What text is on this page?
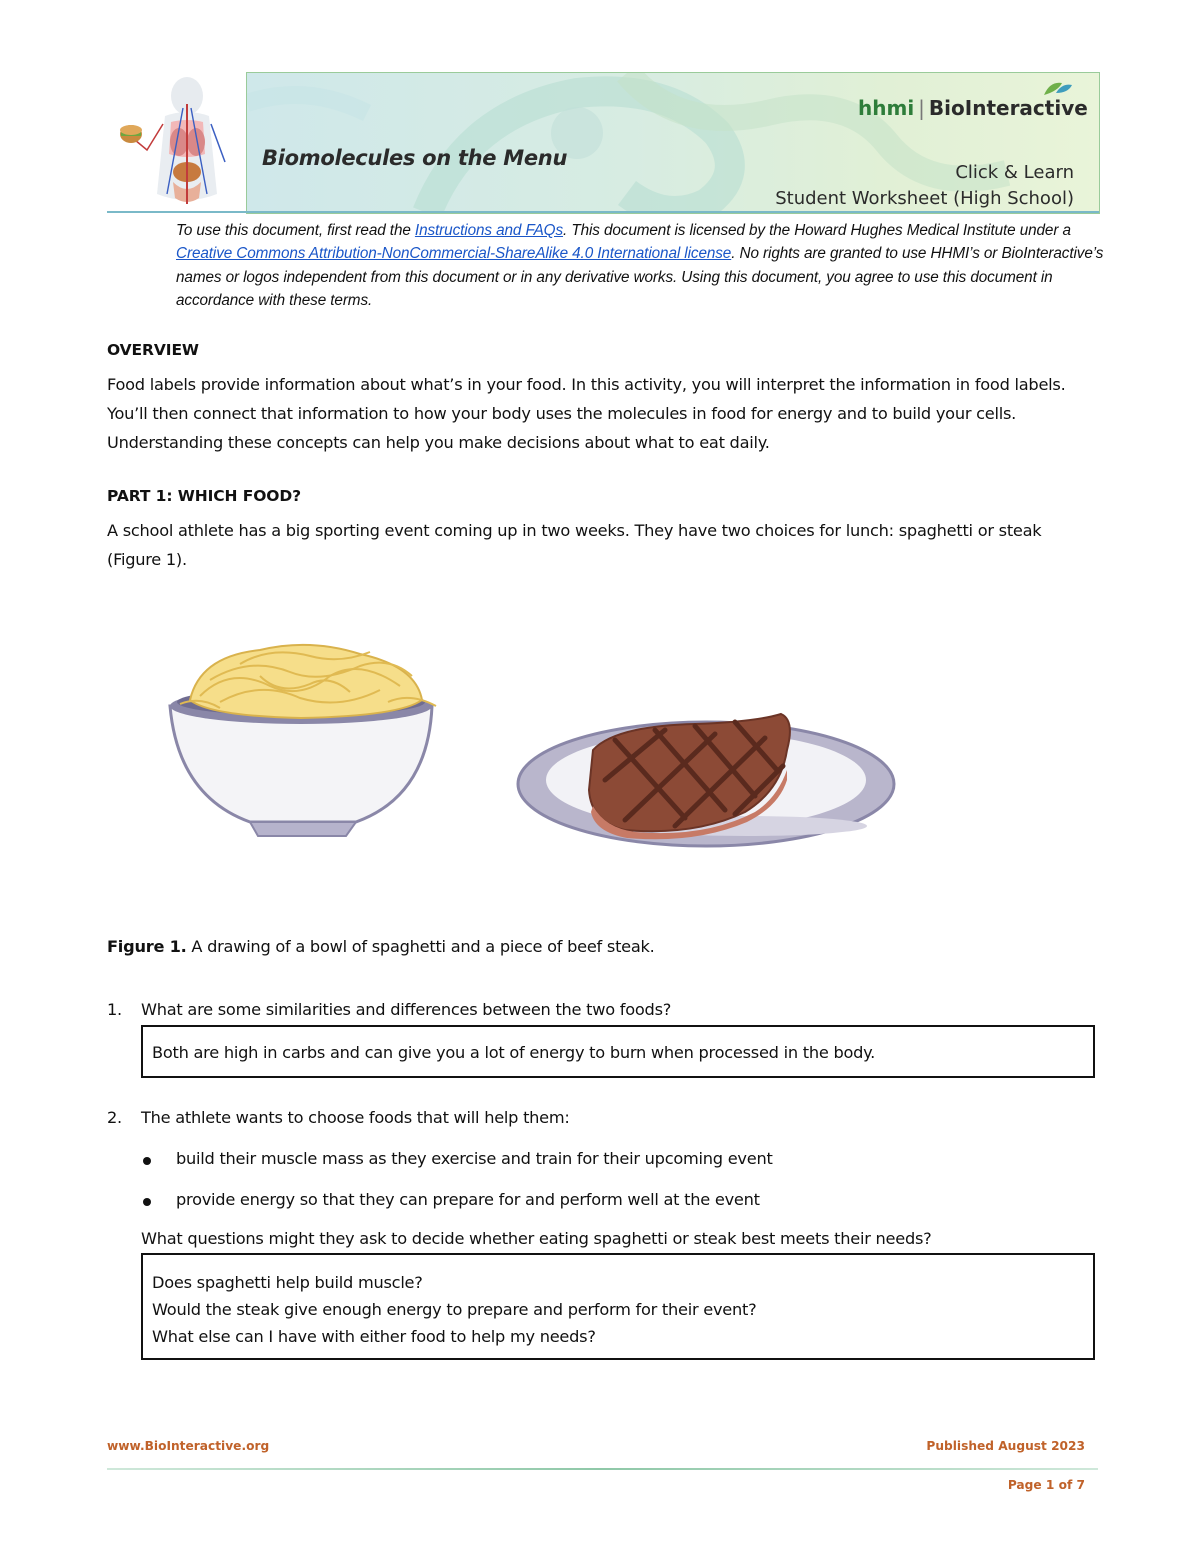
Biomolecules on the Menu
hhmi | BioInteractive
Click & Learn
Student Worksheet (High School)
To use this document, first read the Instructions and FAQs. This document is licensed by the Howard Hughes Medical Institute under a Creative Commons Attribution-NonCommercial-ShareAlike 4.0 International license. No rights are granted to use HHMI’s or BioInteractive’s names or logos independent from this document or in any derivative works. Using this document, you agree to use this document in accordance with these terms.
OVERVIEW
Food labels provide information about what’s in your food. In this activity, you will interpret the information in food labels. You’ll then connect that information to how your body uses the molecules in food for energy and to build your cells. Understanding these concepts can help you make decisions about what to eat daily.
PART 1: WHICH FOOD?
A school athlete has a big sporting event coming up in two weeks. They have two choices for lunch: spaghetti or steak (Figure 1).
Figure 1. A drawing of a bowl of spaghetti and a piece of beef steak.
1. What are some similarities and differences between the two foods?
Both are high in carbs and can give you a lot of energy to burn when processed in the body.
2. The athlete wants to choose foods that will help them:
build their muscle mass as they exercise and train for their upcoming event
provide energy so that they can prepare for and perform well at the event
What questions might they ask to decide whether eating spaghetti or steak best meets their needs?
Does spaghetti help build muscle?
Would the steak give enough energy to prepare and perform for their event?
What else can I have with either food to help my needs?
www.BioInteractive.org	Published August 2023
Page 1 of 7
